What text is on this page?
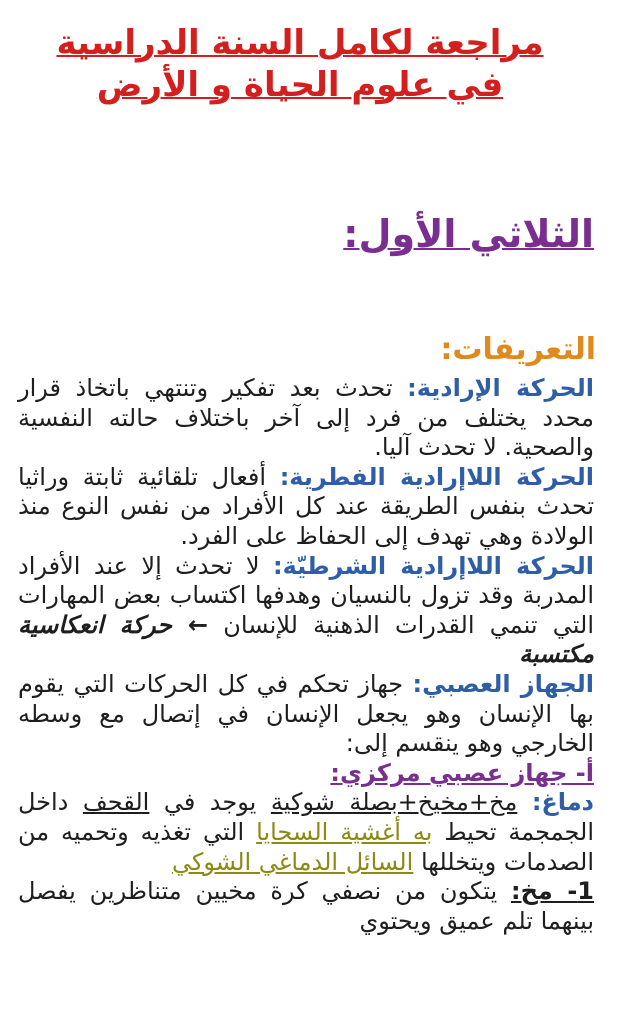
مراجعة لكامل السنة الدراسية
في علوم الحياة و الأرض
الثلاثي الأول:
التعريفات:

الحركة الإرادية: تحدث بعد تفكير وتنتهي باتخاذ قرار محدد يختلف من فرد إلى آخر باختلاف حالته النفسية والصحية. لا تحدث آليا.

الحركة اللاإرادية الفطرية: أفعال تلقائية ثابتة وراثيا تحدث بنفس الطريقة عند كل الأفراد من نفس النوع منذ الولادة وهي تهدف إلى الحفاظ على الفرد.

الحركة اللاإرادية الشرطيّة: لا تحدث إلا عند الأفراد المدربة وقد تزول بالنسيان وهدفها اكتساب بعض المهارات التي تنمي القدرات الذهنية للإنسان ← حركة انعكاسية مكتسبة

الجهاز العصبي: جهاز تحكم في كل الحركات التي يقوم بها الإنسان وهو يجعل الإنسان في إتصال مع وسطه الخارجي وهو ينقسم إلى:

أ- جهاز عصبي مركزي:

دماغ: مخ+مخيخ+بصلة شوكية يوجد في القحف داخل الجمجمة تحيط به أغشية السحايا التي تغذيه وتحميه من الصدمات ويتخللها السائل الدماغي الشوكي

1- مخ: يتكون من نصفي كرة مخيين متناظرين يفصل بينهما تلم عميق ويحتوي
